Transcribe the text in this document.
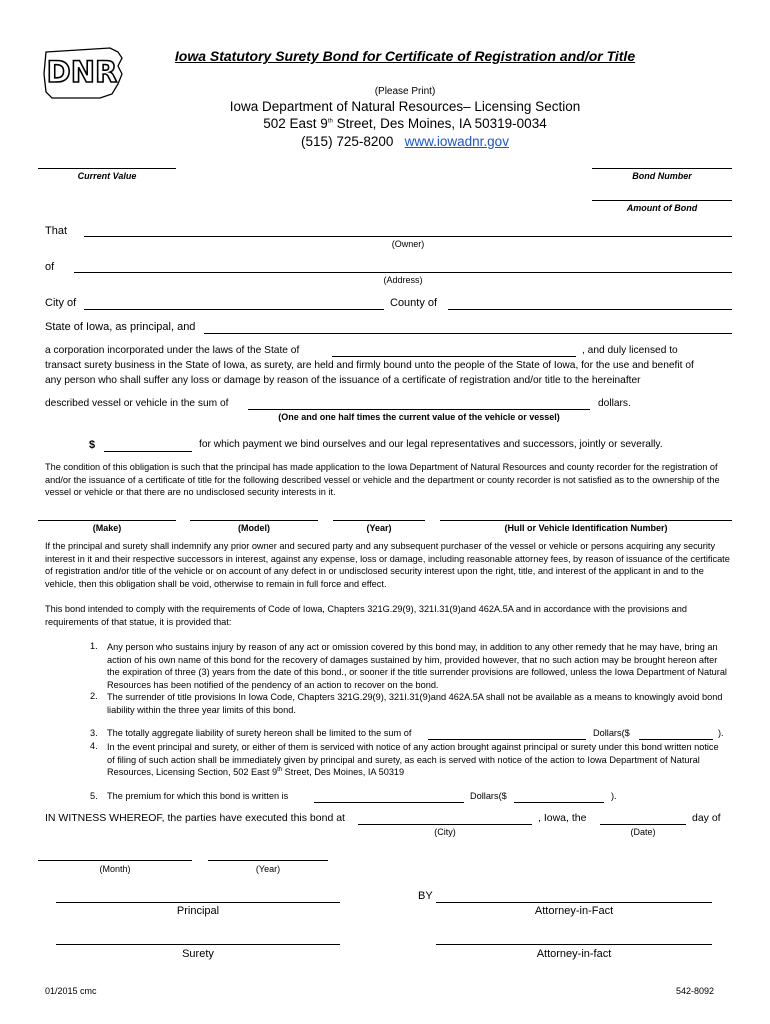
DNR	Iowa Statutory Surety Bond for Certificate of Registration and/or Title
(Please Print)
Iowa Department of Natural Resources– Licensing Section
502 East 9th Street, Des Moines, IA 50319-0034
(515) 725-8200 www.iowadnr.gov
Current Value	Bond Number
Amount of Bond
That
(Owner)
of
(Address)
City of	County of
State of Iowa, as principal, and
a corporation incorporated under the laws of the State of	, and duly licensed to
transact surety business in the State of Iowa, as surety, are held and firmly bound unto the people of the State of Iowa, for the use and benefit of
any person who shall suffer any loss or damage by reason of the issuance of a certificate of registration and/or title to the hereinafter
described vessel or vehicle in the sum of	dollars.
(One and one half times the current value of the vehicle or vessel)
$	for which payment we bind ourselves and our legal representatives and successors, jointly or severally.
The condition of this obligation is such that the principal has made application to the Iowa Department of Natural Resources and county recorder for the registration of and/or the issuance of a certificate of title for the following described vessel or vehicle and the department or county recorder is not satisfied as to the ownership of the vessel or vehicle or that there are no undisclosed security interests in it.
(Make)	(Model)	(Year)	(Hull or Vehicle Identification Number)
If the principal and surety shall indemnify any prior owner and secured party and any subsequent purchaser of the vessel or vehicle or persons acquiring any security interest in it and their respective successors in interest, against any expense, loss or damage, including reasonable attorney fees, by reason of issuance of the certificate of registration and/or title of the vehicle or on account of any defect in or undisclosed security interest upon the right, title, and interest of the applicant in and to the vehicle, then this obligation shall be void, otherwise to remain in full force and effect.
This bond intended to comply with the requirements of Code of Iowa, Chapters 321G.29(9), 321I.31(9)and 462A.5A and in accordance with the provisions and requirements of that statue, it is provided that:
1. Any person who sustains injury by reason of any act or omission covered by this bond may, in addition to any other remedy that he may have, bring an action of his own name of this bond for the recovery of damages sustained by him, provided however, that no such action may be brought hereon after the expiration of three (3) years from the date of this bond., or sooner if the title surrender provisions are followed, unless the Iowa Department of Natural Resources has been notified of the pendency of an action to recover on the bond.
2. The surrender of title provisions In Iowa Code, Chapters 321G.29(9), 321I.31(9)and 462A.5A shall not be available as a means to knowingly avoid bond liability within the three year limits of this bond.
3. The totally aggregate liability of surety hereon shall be limited to the sum of	Dollars($	).
4. In the event principal and surety, or either of them is serviced with notice of any action brought against principal or surety under this bond written notice of filing of such action shall be immediately given by principal and surety, as each is served with notice of the action to Iowa Department of Natural Resources, Licensing Section, 502 East 9th Street, Des Moines, IA 50319
5. The premium for which this bond is written is	Dollars($	).
IN WITNESS WHEREOF, the parties have executed this bond at
(City)
, Iowa, the
(Date)
day of
(Month)	(Year)
BY
Principal	Attorney-in-Fact
Surety	Attorney-in-fact
01/2015 cmc	542-8092
